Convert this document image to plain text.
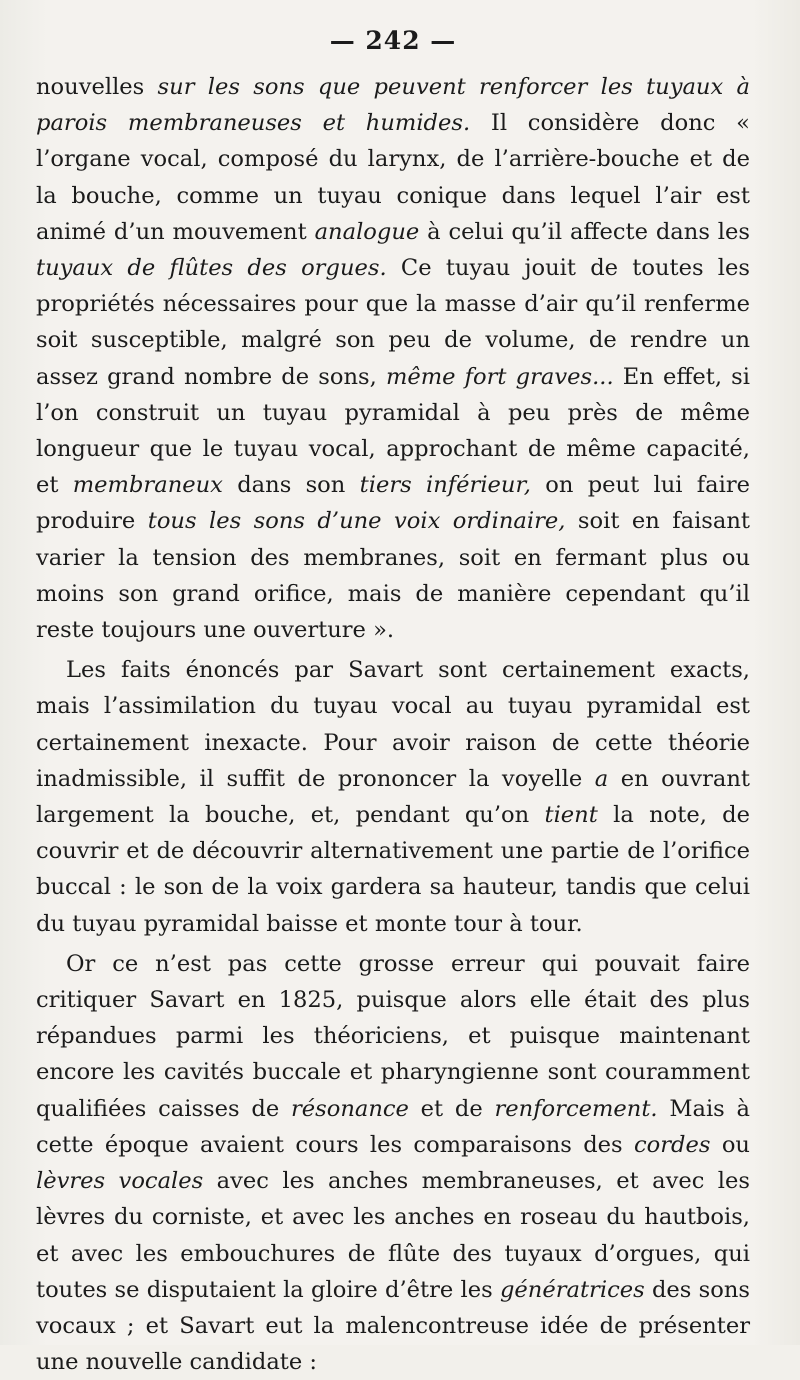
— 242 —

nouvelles sur les sons que peuvent renforcer les tuyaux à parois membraneuses et humides. Il considère donc « l’organe vocal, composé du larynx, de l’arrière-bouche et de la bouche, comme un tuyau conique dans lequel l’air est animé d’un mouvement analogue à celui qu’il affecte dans les tuyaux de flûtes des orgues. Ce tuyau jouit de toutes les propriétés nécessaires pour que la masse d’air qu’il renferme soit susceptible, malgré son peu de volume, de rendre un assez grand nombre de sons, même fort graves... En effet, si l’on construit un tuyau pyramidal à peu près de même longueur que le tuyau vocal, approchant de même capacité, et membraneux dans son tiers inférieur, on peut lui faire produire tous les sons d’une voix ordinaire, soit en faisant varier la tension des membranes, soit en fermant plus ou moins son grand orifice, mais de manière cependant qu’il reste toujours une ouverture ».

Les faits énoncés par Savart sont certainement exacts, mais l’assimilation du tuyau vocal au tuyau pyramidal est certainement inexacte. Pour avoir raison de cette théorie inadmissible, il suffit de prononcer la voyelle a en ouvrant largement la bouche, et, pendant qu’on tient la note, de couvrir et de découvrir alternativement une partie de l’orifice buccal : le son de la voix gardera sa hauteur, tandis que celui du tuyau pyramidal baisse et monte tour à tour.

Or ce n’est pas cette grosse erreur qui pouvait faire critiquer Savart en 1825, puisque alors elle était des plus répandues parmi les théoriciens, et puisque maintenant encore les cavités buccale et pharyngienne sont couramment qualifiées caisses de résonance et de renforcement. Mais à cette époque avaient cours les comparaisons des cordes ou lèvres vocales avec les anches membraneuses, et avec les lèvres du corniste, et avec les anches en roseau du hautbois, et avec les embouchures de flûte des tuyaux d’orgues, qui toutes se disputaient la gloire d’être les génératrices des sons vocaux ; et Savart eut la malencontreuse idée de présenter une nouvelle candidate :
